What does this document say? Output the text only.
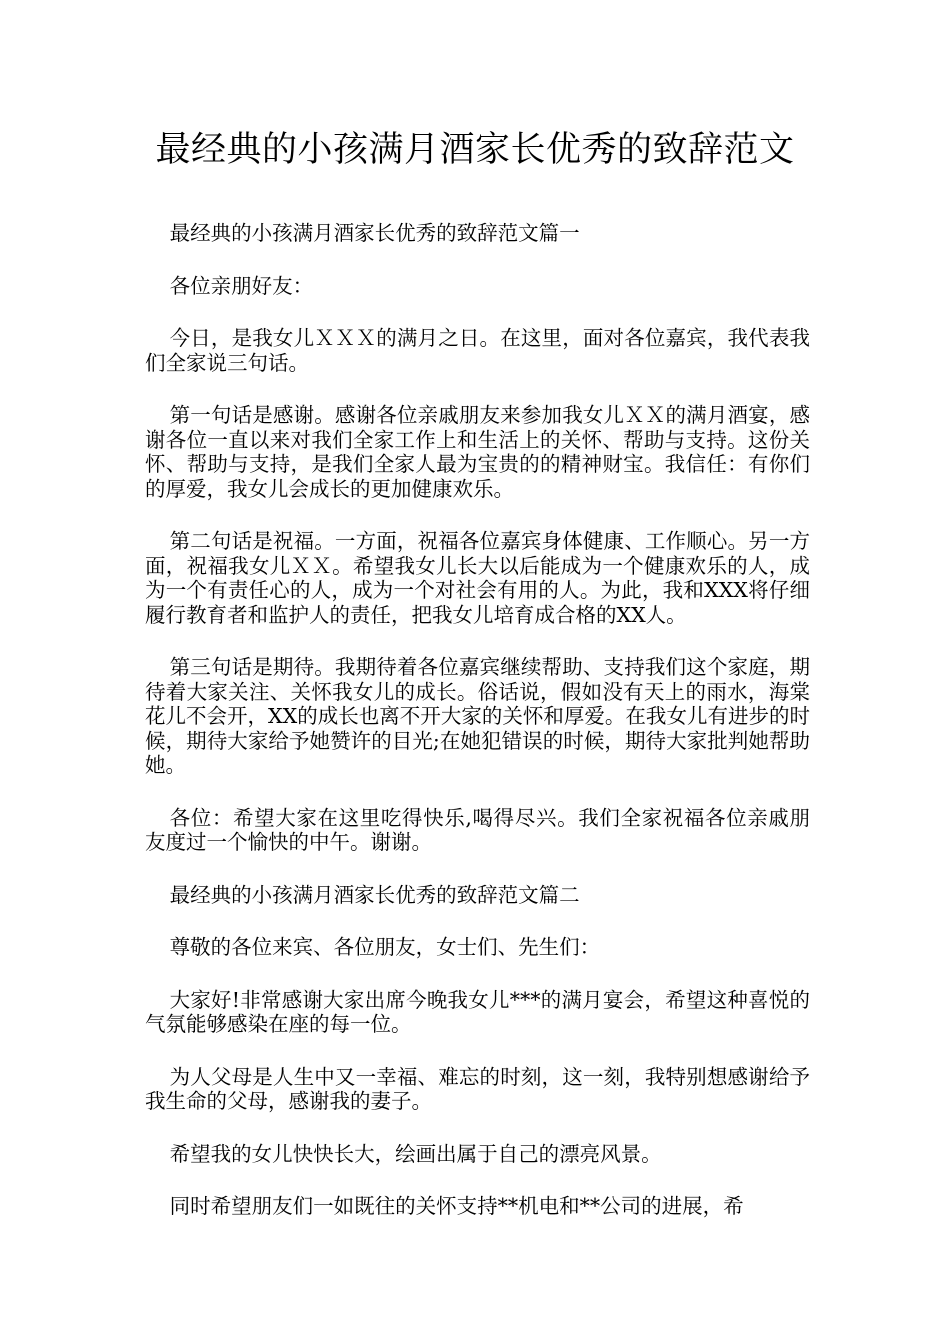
最经典的小孩满月酒家长优秀的致辞范文

最经典的小孩满月酒家长优秀的致辞范文篇一

各位亲朋好友：

今日，是我女儿ＸＸＸ的满月之日。在这里，面对各位嘉宾，我代表我们全家说三句话。

第一句话是感谢。感谢各位亲戚朋友来参加我女儿ＸＸ的满月酒宴，感谢各位一直以来对我们全家工作上和生活上的关怀、帮助与支持。这份关怀、帮助与支持，是我们全家人最为宝贵的的精神财宝。我信任：有你们的厚爱，我女儿会成长的更加健康欢乐。

第二句话是祝福。一方面，祝福各位嘉宾身体健康、工作顺心。另一方面，祝福我女儿ＸＸ。希望我女儿长大以后能成为一个健康欢乐的人，成为一个有责任心的人，成为一个对社会有用的人。为此，我和XXX将仔细履行教育者和监护人的责任，把我女儿培育成合格的XX人。

第三句话是期待。我期待着各位嘉宾继续帮助、支持我们这个家庭，期待着大家关注、关怀我女儿的成长。俗话说，假如没有天上的雨水，海棠花儿不会开，XX的成长也离不开大家的关怀和厚爱。在我女儿有进步的时候，期待大家给予她赞许的目光;在她犯错误的时候，期待大家批判她帮助她。

各位：希望大家在这里吃得快乐,喝得尽兴。我们全家祝福各位亲戚朋友度过一个愉快的中午。谢谢。

最经典的小孩满月酒家长优秀的致辞范文篇二

尊敬的各位来宾、各位朋友，女士们、先生们：

大家好!非常感谢大家出席今晚我女儿***的满月宴会，希望这种喜悦的气氛能够感染在座的每一位。

为人父母是人生中又一幸福、难忘的时刻，这一刻，我特别想感谢给予我生命的父母，感谢我的妻子。

希望我的女儿快快长大，绘画出属于自己的漂亮风景。

同时希望朋友们一如既往的关怀支持**机电和**公司的进展，希
